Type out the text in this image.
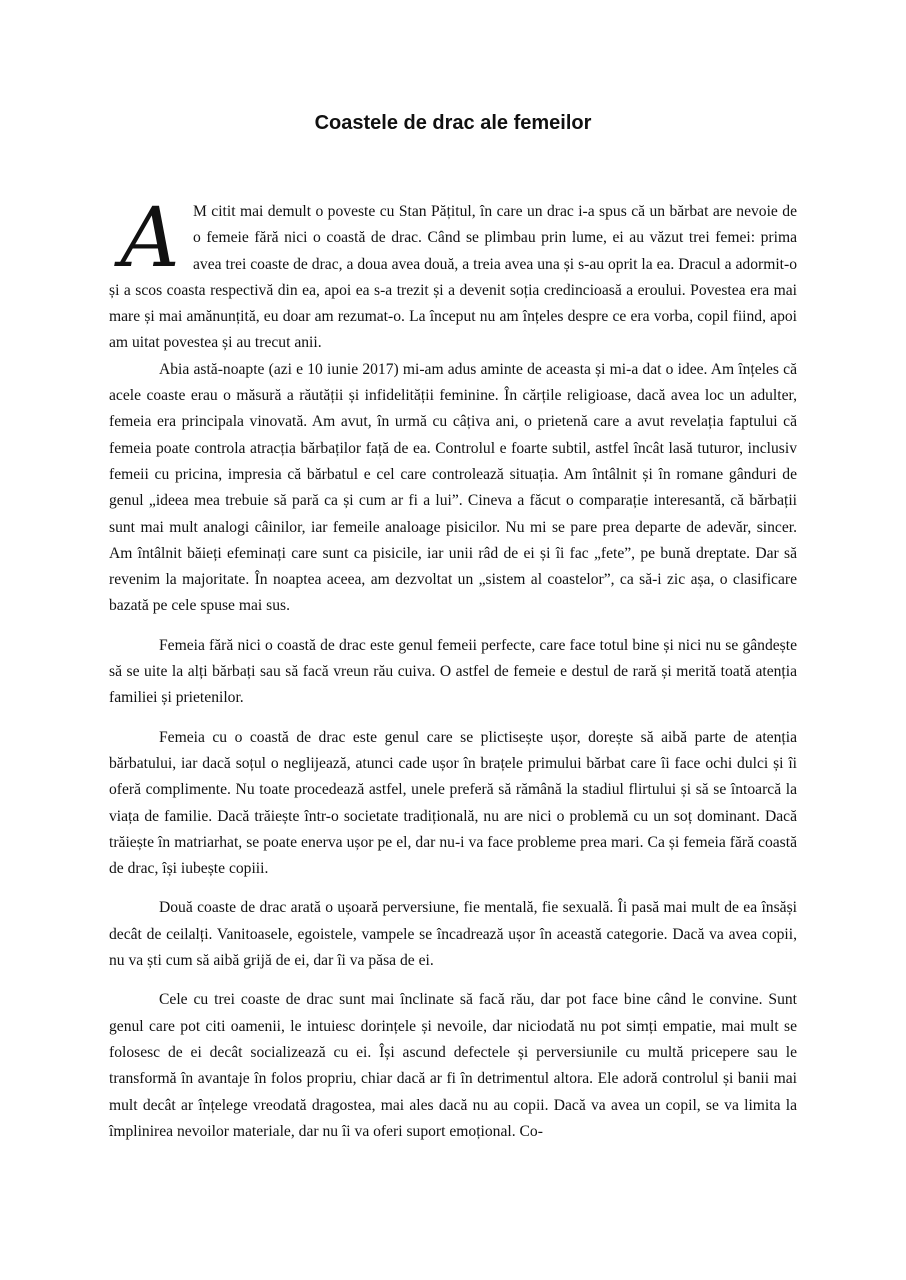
Coastele de drac ale femeilor

A M citit mai demult o poveste cu Stan Pățitul, în care un drac i-a spus că un bărbat are nevoie de o femeie fără nici o coastă de drac. Când se plimbau prin lume, ei au văzut trei femei: prima avea trei coaste de drac, a doua avea două, a treia avea una și s-au oprit la ea. Dracul a adormit-o și a scos coasta respectivă din ea, apoi ea s-a trezit și a devenit soția credincioasă a eroului. Povestea era mai mare și mai amănunțită, eu doar am rezumat-o. La început nu am înțeles despre ce era vorba, copil fiind, apoi am uitat povestea și au trecut anii.

Abia astă-noapte (azi e 10 iunie 2017) mi-am adus aminte de aceasta și mi-a dat o idee. Am înțeles că acele coaste erau o măsură a răutății și infidelității feminine. În cărțile religioase, dacă avea loc un adulter, femeia era principala vinovată. Am avut, în urmă cu câțiva ani, o prietenă care a avut revelația faptului că femeia poate controla atracția bărbaților față de ea. Controlul e foarte subtil, astfel încât lasă tuturor, inclusiv femeii cu pricina, impresia că bărbatul e cel care controlează situația. Am întâlnit și în romane gânduri de genul „ideea mea trebuie să pară ca și cum ar fi a lui”. Cineva a făcut o comparație interesantă, că bărbații sunt mai mult analogi câinilor, iar femeile analoage pisicilor. Nu mi se pare prea departe de adevăr, sincer. Am întâlnit băieți efeminați care sunt ca pisicile, iar unii râd de ei și îi fac „fete”, pe bună dreptate. Dar să revenim la majoritate. În noaptea aceea, am dezvoltat un „sistem al coastelor”, ca să-i zic așa, o clasificare bazată pe cele spuse mai sus.

Femeia fără nici o coastă de drac este genul femeii perfecte, care face totul bine și nici nu se gândește să se uite la alți bărbați sau să facă vreun rău cuiva. O astfel de femeie e destul de rară și merită toată atenția familiei și prietenilor.

Femeia cu o coastă de drac este genul care se plictisește ușor, dorește să aibă parte de atenția bărbatului, iar dacă soțul o neglijează, atunci cade ușor în brațele primului bărbat care îi face ochi dulci și îi oferă complimente. Nu toate procedează astfel, unele preferă să rămână la stadiul flirtului și să se întoarcă la viața de familie. Dacă trăiește într-o societate tradițională, nu are nici o problemă cu un soț dominant. Dacă trăiește în matriarhat, se poate enerva ușor pe el, dar nu-i va face probleme prea mari. Ca și femeia fără coastă de drac, își iubește copiii.

Două coaste de drac arată o ușoară perversiune, fie mentală, fie sexuală. Îi pasă mai mult de ea însăși decât de ceilalți. Vanitoasele, egoistele, vampele se încadrează ușor în această categorie. Dacă va avea copii, nu va ști cum să aibă grijă de ei, dar îi va păsa de ei.

Cele cu trei coaste de drac sunt mai înclinate să facă rău, dar pot face bine când le convine. Sunt genul care pot citi oamenii, le intuiesc dorințele și nevoile, dar niciodată nu pot simți empatie, mai mult se folosesc de ei decât socializează cu ei. Își ascund defectele și perversiunile cu multă pricepere sau le transformă în avantaje în folos propriu, chiar dacă ar fi în detrimentul altora. Ele adoră controlul și banii mai mult decât ar înțelege vreodată dragostea, mai ales dacă nu au copii. Dacă va avea un copil, se va limita la împlinirea nevoilor materiale, dar nu îi va oferi suport emoțional. Co-
